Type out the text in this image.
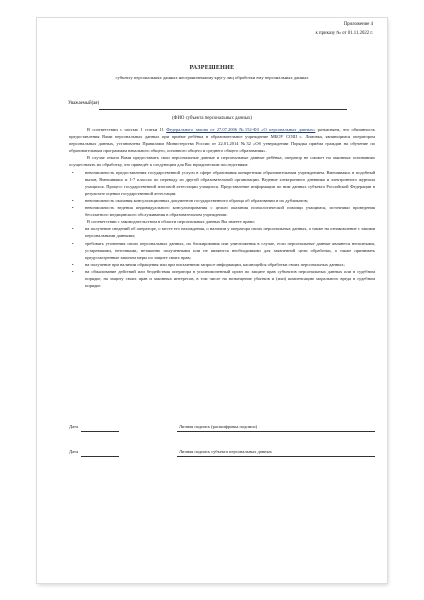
Приложение 4
к приказу № от 01.11.2022 г.
РАЗРЕШЕНИЕ
субъекту персональных данных неограниченному кругу лиц обработки ему персональных данных
Уважаемый(ая)
(ФИО субъекта персональных данных)

В соответствии с частью 1 статьи 11 Федерального закона от 27.07.2006 №152-ФЗ «О персональных данных» разъясняем, что обязанность предоставления Вами персональных данных при приёме ребёнка в образовательное учреждение МБОУ СОШ с. Ломовка, являющимся оператором персональных данных, установлена Правилами Министерства России от 22.01.2014 №32 «Об утверждении Порядка приёма граждан на обучение по образовательным программам начального общего, основного общего и среднего общего образования».

В случае отказа Вами предоставить свои персональные данные и персональные данные ребёнка, оператор не сможет на законных основаниях осуществлять их обработку, что приведёт к следующим для Вас юридическим последствиям:

• невозможность предоставления государственной услуги в сфере образования конкретным образовательным учреждением. Вмешиваясь в подобный вызов, Вмешиваясь и 1-7 классах по переводу из другой образовательной организации. Ведение электронного дневника и электронного журнала учащихся. Процесс государственной итоговой аттестации учащихся. Представление информации по ним данных субъекта Российской Федерации в результате оценки государственной аттестации.
• невозможность оказания консультационных документов государственного образца об образовании и их дубликатов;
• невозможность ведения индивидуального консультирования с целью оказания психологической помощи учащимся, источники проведения бесплатного медицинского обслуживания в образовательном учреждении.

В соответствии с законодательством в области персональных данных Вы имеете право:

• на получение сведений об операторе, о месте его нахождения, о наличии у оператора своих персональных данных, а также на ознакомление с такими персональными данными;
• требовать уточнения своих персональных данных, их блокирования или уничтожения в случае, если персональные данные являются неполными, устаревшими, неточными, незаконно полученными или не являются необходимыми для заявленной цели обработки, а также принимать предусмотренные законом меры по защите своих прав;
• на получение при наличии обращения или при письменном запросе информации, касающейся обработки своих персональных данных;
• на обжалование действий или бездействия оператора в уполномоченный орган по защите прав субъектов персональных данных или в судебном порядке, на защиту своих прав и законных интересов, в том числе на возмещение убытков и (или) компенсацию морального вреда в судебном порядке.
Дата	Личная подпись (расшифровка подписи)
Дата	Личная подпись субъекта персональных данных
